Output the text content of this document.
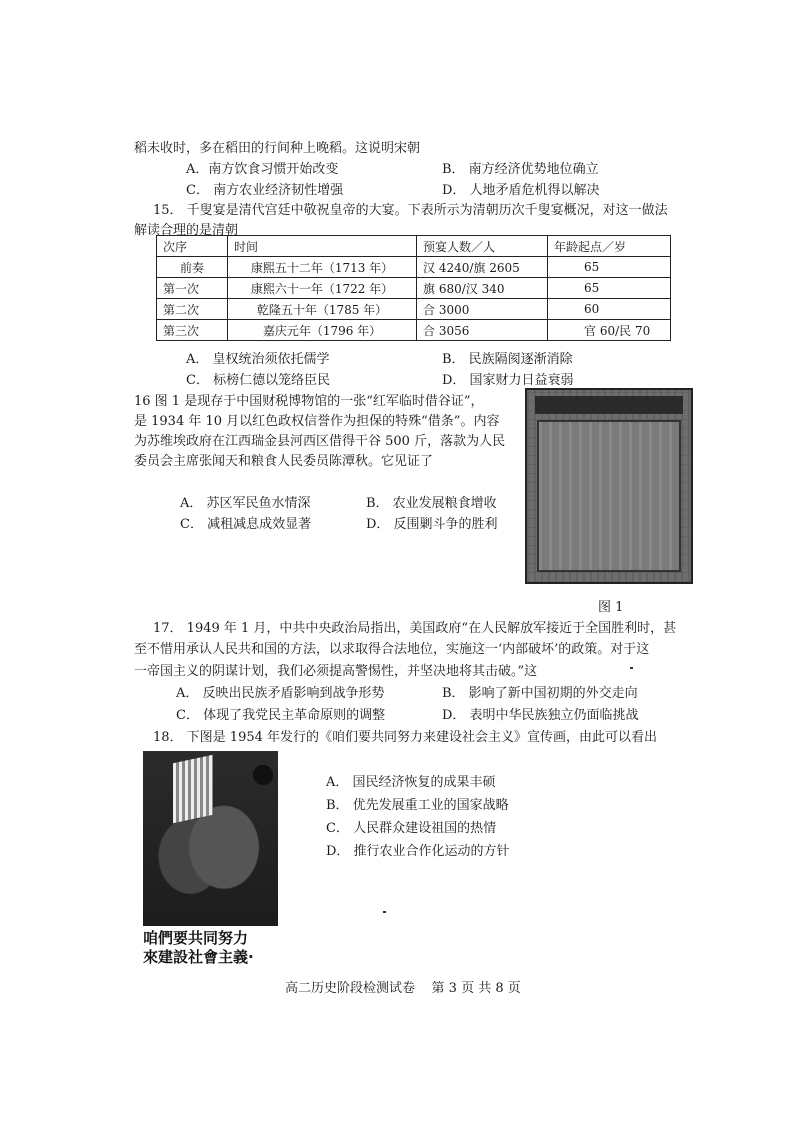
稻未收时，多在稻田的行间种上晚稻。这说明宋朝
A．南方饮食习惯开始改变	B． 南方经济优势地位确立
C． 南方农业经济韧性增强	D． 人地矛盾危机得以解决
15． 千叟宴是清代宫廷中敬祝皇帝的大宴。下表所示为清朝历次千叟宴概况，对这一做法
解读合理的是清朝
次序	时间	预宴人数／人	年龄起点／岁
前奏	康熙五十二年（1713 年）	汉 4240/旗 2605	65
第一次	康熙六十一年（1722 年）	旗 680/汉 340	65
第二次	乾隆五十年（1785 年）	合 3000	60
第三次	嘉庆元年（1796 年）	合 3056	官 60/民 70
A． 皇权统治须依托儒学	B． 民族隔阂逐渐消除
C． 标榜仁德以笼络臣民	D． 国家财力日益衰弱
16 图 1 是现存于中国财税博物馆的一张“红军临时借谷证”，
是 1934 年 10 月以红色政权信誉作为担保的特殊“借条”。内容
为苏维埃政府在江西瑞金县河西区借得干谷 500 斤，落款为人民
委员会主席张闻天和粮食人民委员陈潭秋。它见证了
A． 苏区军民鱼水情深	B． 农业发展粮食增收
C． 减租减息成效显著	D． 反围剿斗争的胜利
图 1
17． 1949 年 1 月，中共中央政治局指出，美国政府“在人民解放军接近于全国胜利时，甚
至不惜用承认人民共和国的方法，以求取得合法地位，实施这一‘内部破坏’的政策。对于这
一帝国主义的阴谋计划，我们必须提高警惕性，并坚决地将其击破。”这
A． 反映出民族矛盾影响到战争形势	B． 影响了新中国初期的外交走向
C． 体现了我党民主革命原则的调整	D． 表明中华民族独立仍面临挑战
18． 下图是 1954 年发行的《咱们要共同努力来建设社会主义》宣传画，由此可以看出
咱們要共同努力
來建設社會主義·
A． 国民经济恢复的成果丰硕
B． 优先发展重工业的国家战略
C． 人民群众建设祖国的热情
D． 推行农业合作化运动的方针
高二历史阶段检测试卷    第 3 页 共 8 页
